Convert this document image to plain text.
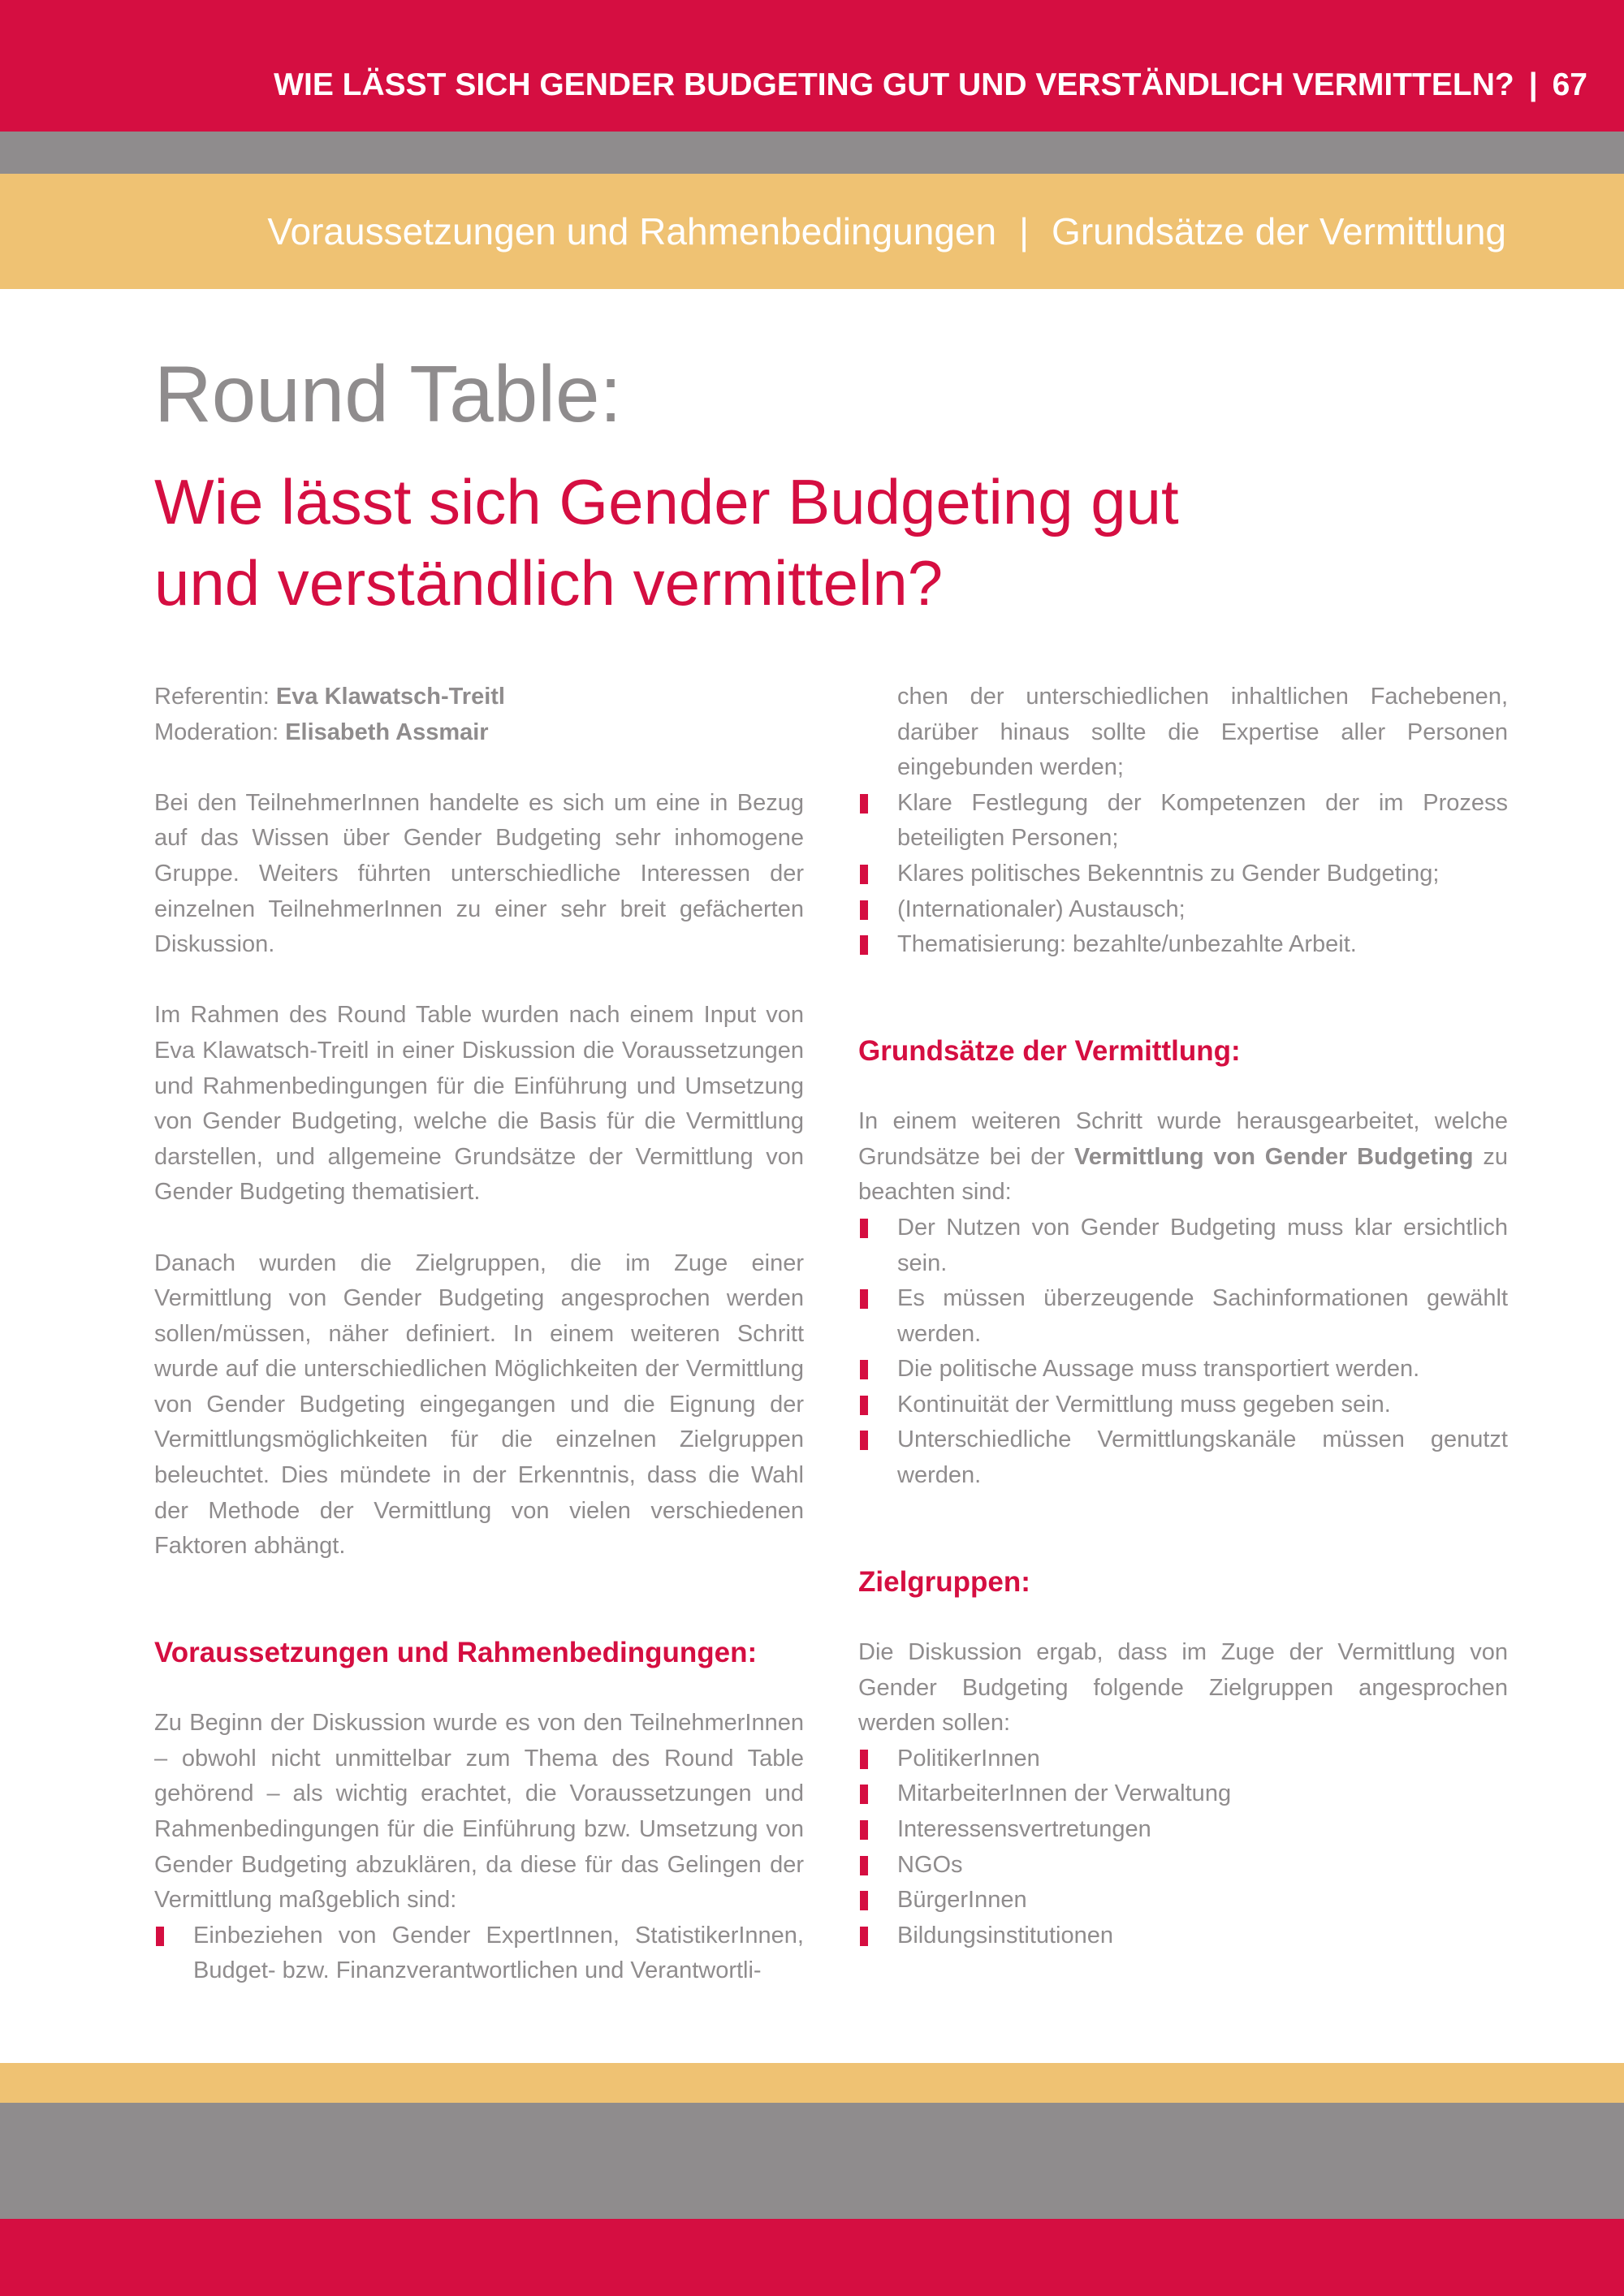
WIE LÄSST SICH GENDER BUDGETING GUT UND VERSTÄNDLICH VERMITTELN? | 67
Voraussetzungen und Rahmenbedingungen | Grundsätze der Vermittlung
Round Table:
Wie lässt sich Gender Budgeting gut
und verständlich vermitteln?
Referentin: Eva Klawatsch-Treitl
Moderation: Elisabeth Assmair

Bei den TeilnehmerInnen handelte es sich um eine in Bezug auf das Wissen über Gender Budgeting sehr inhomogene Gruppe. Weiters führten unterschiedliche Interessen der einzelnen TeilnehmerInnen zu einer sehr breit gefächerten Diskussion.

Im Rahmen des Round Table wurden nach einem Input von Eva Klawatsch-Treitl in einer Diskussion die Voraussetzungen und Rahmenbedingungen für die Einführung und Umsetzung von Gender Budgeting, welche die Basis für die Vermittlung darstellen, und allgemeine Grundsätze der Vermittlung von Gender Budgeting thematisiert.

Danach wurden die Zielgruppen, die im Zuge einer Vermittlung von Gender Budgeting angesprochen werden sollen/müssen, näher definiert. In einem weiteren Schritt wurde auf die unterschiedlichen Möglichkeiten der Vermittlung von Gender Budgeting eingegangen und die Eignung der Vermittlungsmöglichkeiten für die einzelnen Zielgruppen beleuchtet. Dies mündete in der Erkenntnis, dass die Wahl der Methode der Vermittlung von vielen verschiedenen Faktoren abhängt.

Voraussetzungen und Rahmenbedingungen:

Zu Beginn der Diskussion wurde es von den TeilnehmerInnen – obwohl nicht unmittelbar zum Thema des Round Table gehörend – als wichtig erachtet, die Voraussetzungen und Rahmenbedingungen für die Einführung bzw. Umsetzung von Gender Budgeting abzuklären, da diese für das Gelingen der Vermittlung maßgeblich sind:

Einbeziehen von Gender ExpertInnen, StatistikerInnen, Budget- bzw. Finanzverantwortlichen und Verantwortli-
chen der unterschiedlichen inhaltlichen Fachebenen, darüber hinaus sollte die Expertise aller Personen eingebunden werden;
Klare Festlegung der Kompetenzen der im Prozess beteiligten Personen;
Klares politisches Bekenntnis zu Gender Budgeting;
(Internationaler) Austausch;
Thematisierung: bezahlte/unbezahlte Arbeit.
Grundsätze der Vermittlung:

In einem weiteren Schritt wurde herausgearbeitet, welche Grundsätze bei der Vermittlung von Gender Budgeting zu beachten sind:

Der Nutzen von Gender Budgeting muss klar ersichtlich sein.
Es müssen überzeugende Sachinformationen gewählt werden.
Die politische Aussage muss transportiert werden.
Kontinuität der Vermittlung muss gegeben sein.
Unterschiedliche Vermittlungskanäle müssen genutzt werden.
Zielgruppen:

Die Diskussion ergab, dass im Zuge der Vermittlung von Gender Budgeting folgende Zielgruppen angesprochen werden sollen:

PolitikerInnen
MitarbeiterInnen der Verwaltung
Interessensvertretungen
NGOs
BürgerInnen
Bildungsinstitutionen
